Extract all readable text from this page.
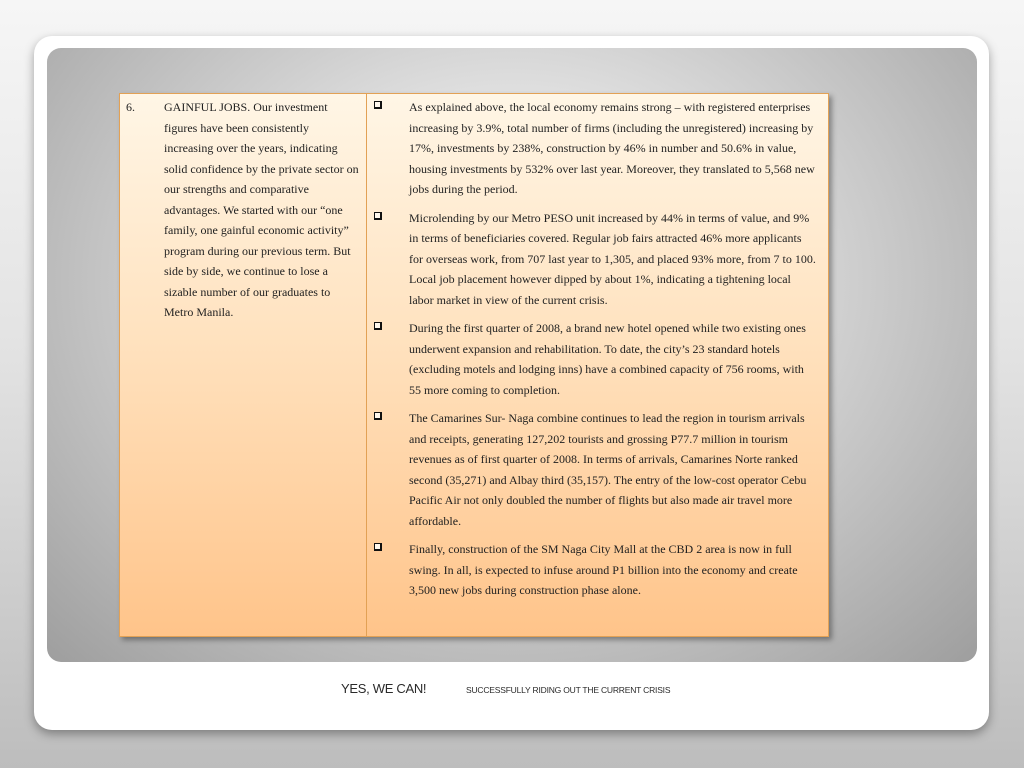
6.	GAINFUL JOBS. Our investment figures have been consistently increasing over the years, indicating solid confidence by the private sector on our strengths and comparative advantages. We started with our “one family, one gainful economic activity” program during our previous term. But side by side, we continue to lose a sizable number of our graduates to Metro Manila.
As explained above, the local economy remains strong – with registered enterprises increasing by 3.9%, total number of firms (including the unregistered) increasing by 17%, investments by 238%, construction by 46% in number and 50.6% in value, housing investments by 532% over last year. Moreover, they translated to 5,568 new jobs during the period.
Microlending by our Metro PESO unit increased by 44% in terms of value, and 9% in terms of beneficiaries covered. Regular job fairs attracted 46% more applicants for overseas work, from 707 last year to 1,305, and placed 93% more, from 7 to 100. Local job placement however dipped by about 1%, indicating a tightening local labor market in view of the current crisis.
During the first quarter of 2008, a brand new hotel opened while two existing ones underwent expansion and rehabilitation. To date, the city’s 23 standard hotels (excluding motels and lodging inns) have a combined capacity of 756 rooms, with 55 more coming to completion.
The Camarines Sur- Naga combine continues to lead the region in tourism arrivals and receipts, generating 127,202 tourists and grossing P77.7 million in tourism revenues as of first quarter of 2008. In terms of arrivals, Camarines Norte ranked second (35,271) and Albay third (35,157). The entry of the low-cost operator Cebu Pacific Air not only doubled the number of flights but also made air travel more affordable.
Finally, construction of the SM Naga City Mall at the CBD 2 area is now in full swing. In all, is expected to infuse around P1 billion into the economy and create 3,500 new jobs during construction phase alone.
YES, WE CAN!	SUCCESSFULLY RIDING OUT THE CURRENT CRISIS
